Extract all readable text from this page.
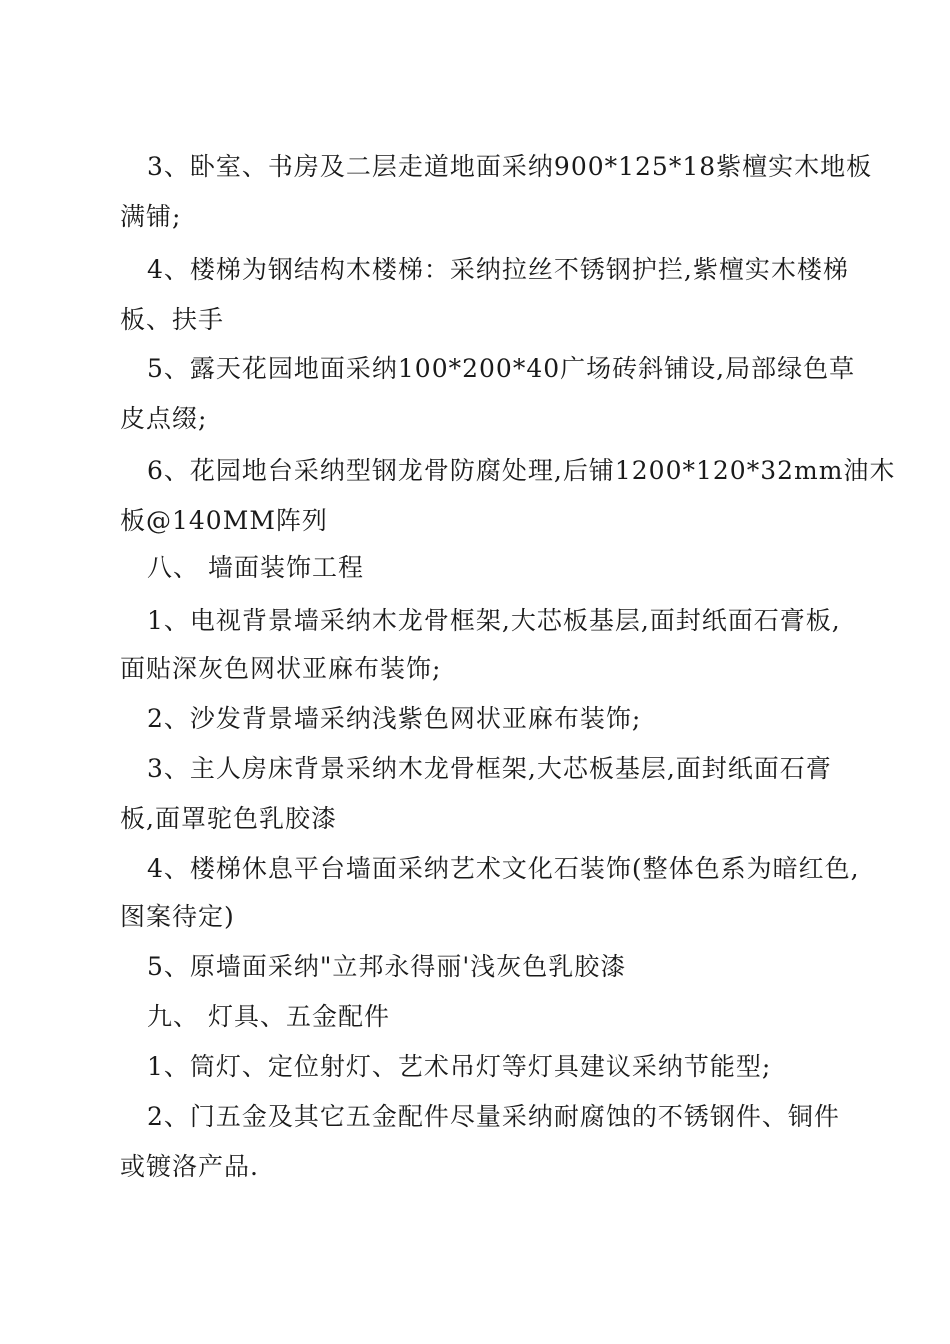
3、卧室、书房及二层走道地面采纳900*125*18紫檀实木地板
满铺;
4、楼梯为钢结构木楼梯：采纳拉丝不锈钢护拦,紫檀实木楼梯
板、扶手
5、露天花园地面采纳100*200*40广场砖斜铺设,局部绿色草
皮点缀;
6、花园地台采纳型钢龙骨防腐处理,后铺1200*120*32mm油木
板@140MM阵列
八、 墙面装饰工程
1、电视背景墙采纳木龙骨框架,大芯板基层,面封纸面石膏板,
面贴深灰色网状亚麻布装饰;
2、沙发背景墙采纳浅紫色网状亚麻布装饰;
3、主人房床背景采纳木龙骨框架,大芯板基层,面封纸面石膏
板,面罩驼色乳胶漆
4、楼梯休息平台墙面采纳艺术文化石装饰(整体色系为暗红色,
图案待定)
5、原墙面采纳"立邦永得丽'浅灰色乳胶漆
九、 灯具、五金配件
1、筒灯、定位射灯、艺术吊灯等灯具建议采纳节能型;
2、门五金及其它五金配件尽量采纳耐腐蚀的不锈钢件、铜件
或镀洛产品.
